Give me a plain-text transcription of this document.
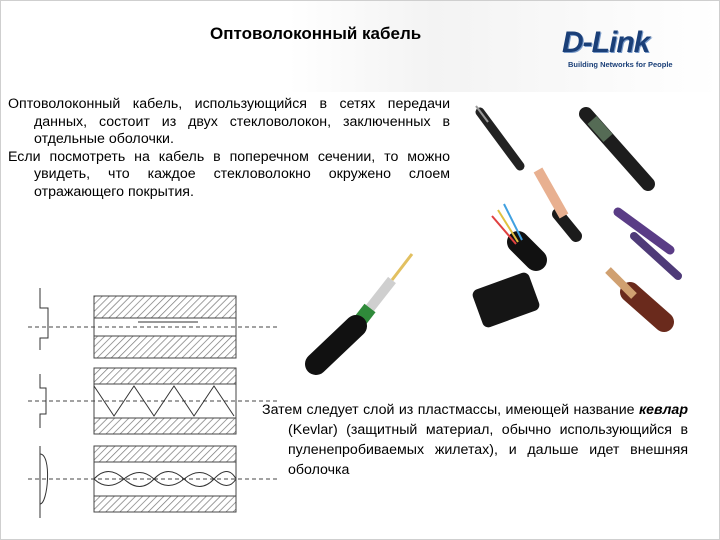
Оптоволоконный кабель	D-Link
Building Networks for People

Оптоволоконный кабель, использующийся в сетях передачи данных, состоит из двух стекловолокон, заключенных в отдельные оболочки.

Если посмотреть на кабель в поперечном сечении, то можно увидеть, что каждое стекловолокно окружено слоем отражающего покрытия.

Затем следует слой из пластмассы, имеющей название кевлар (Kevlar) (защитный материал, обычно использующийся в пуленепробиваемых жилетах), и дальше идет внешняя оболочка
